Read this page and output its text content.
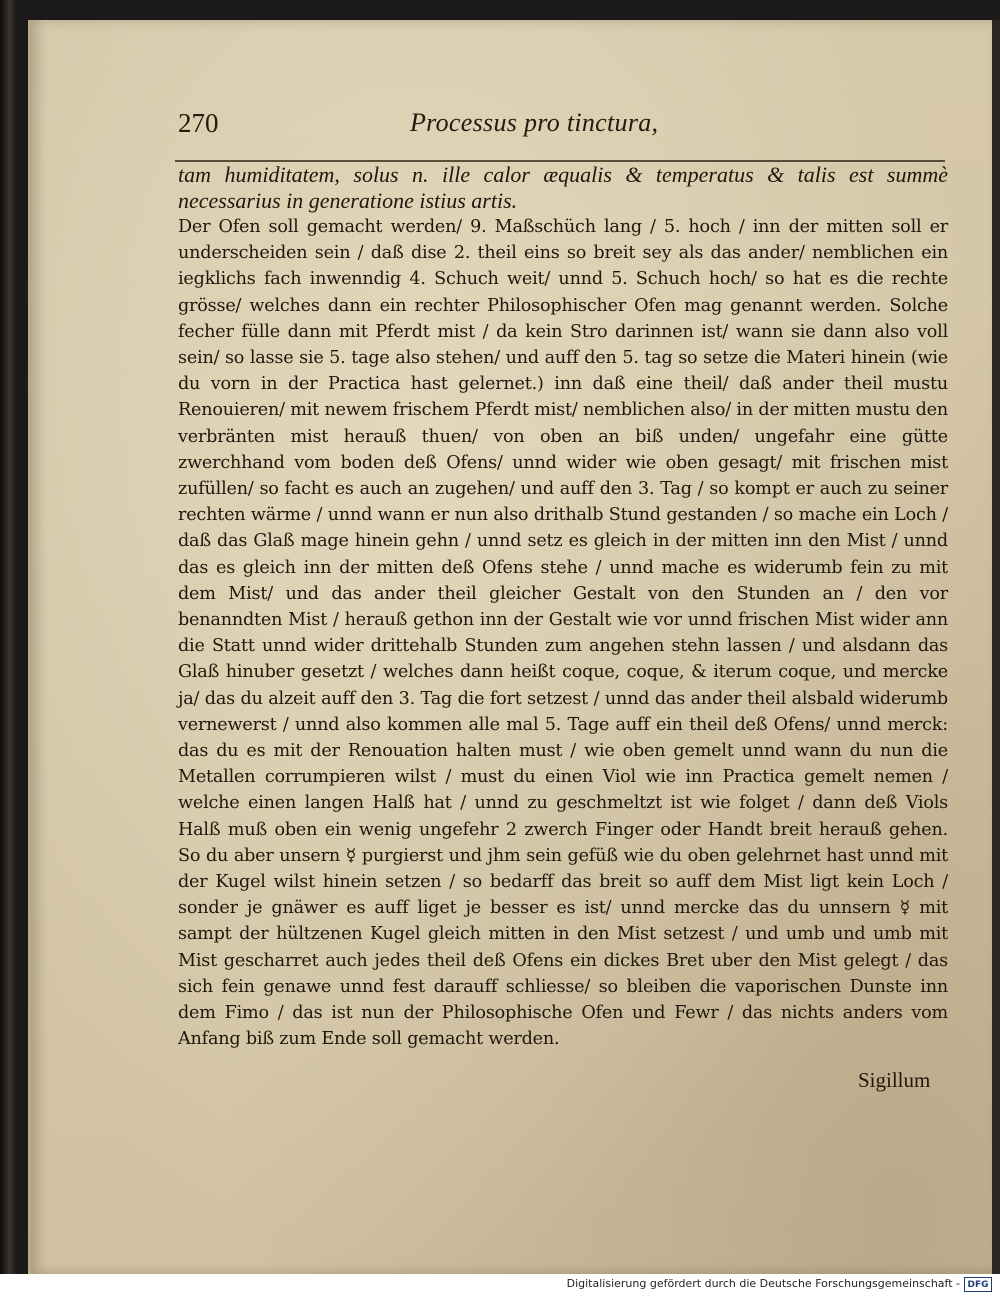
270	Processus pro tinctura,

tam humiditatem, solus n. ille calor æqualis & temperatus & talis est summè necessarius in generatione istius artis.

Der Ofen soll gemacht werden/ 9. Maßschüch lang / 5. hoch / inn der mitten soll er underscheiden sein / daß dise 2. theil eins so breit sey als das ander/ nemblichen ein iegklichs fach inwenndig 4. Schuch weit/ unnd 5. Schuch hoch/ so hat es die rechte grösse/ welches dann ein rechter Philosophischer Ofen mag genannt werden. Solche fecher fülle dann mit Pferdt mist / da kein Stro darinnen ist/ wann sie dann also voll sein/ so lasse sie 5. tage also stehen/ und auff den 5. tag so setze die Materi hinein (wie du vorn in der Practica hast gelernet.) inn daß eine theil/ daß ander theil mustu Renouieren/ mit newem frischem Pferdt mist/ nemblichen also/ in der mitten mustu den verbränten mist herauß thuen/ von oben an biß unden/ ungefahr eine gütte zwerchhand vom boden deß Ofens/ unnd wider wie oben gesagt/ mit frischen mist zufüllen/ so facht es auch an zugehen/ und auff den 3. Tag / so kompt er auch zu seiner rechten wärme / unnd wann er nun also drithalb Stund gestanden / so mache ein Loch / daß das Glaß mage hinein gehn / unnd setz es gleich in der mitten inn den Mist / unnd das es gleich inn der mitten deß Ofens stehe / unnd mache es widerumb fein zu mit dem Mist/ und das ander theil gleicher Gestalt von den Stunden an / den vor benanndten Mist / herauß gethon inn der Gestalt wie vor unnd frischen Mist wider ann die Statt unnd wider drittehalb Stunden zum angehen stehn lassen / und alsdann das Glaß hinuber gesetzt / welches dann heißt coque, coque, & iterum coque, und mercke ja/ das du alzeit auff den 3. Tag die fort setzest / unnd das ander theil alsbald widerumb vernewerst / unnd also kommen alle mal 5. Tage auff ein theil deß Ofens/ unnd merck: das du es mit der Renouation halten must / wie oben gemelt unnd wann du nun die Metallen corrumpieren wilst / must du einen Viol wie inn Practica gemelt nemen / welche einen langen Halß hat / unnd zu geschmeltzt ist wie folget / dann deß Viols Halß muß oben ein wenig ungefehr 2 zwerch Finger oder Handt breit herauß gehen. So du aber unsern ☿ purgierst und jhm sein gefüß wie du oben gelehrnet hast unnd mit der Kugel wilst hinein setzen / so bedarff das breit so auff dem Mist ligt kein Loch / sonder je gnäwer es auff liget je besser es ist/ unnd mercke das du unnsern ☿ mit sampt der hültzenen Kugel gleich mitten in den Mist setzest / und umb und umb mit Mist gescharret auch jedes theil deß Ofens ein dickes Bret uber den Mist gelegt / das sich fein genawe unnd fest darauff schliesse/ so bleiben die vaporischen Dunste inn dem Fimo / das ist nun der Philosophische Ofen und Fewr / das nichts anders vom Anfang biß zum Ende soll gemacht werden.

Sigillum
Digitalisierung gefördert durch die Deutsche Forschungsgemeinschaft - DFG
